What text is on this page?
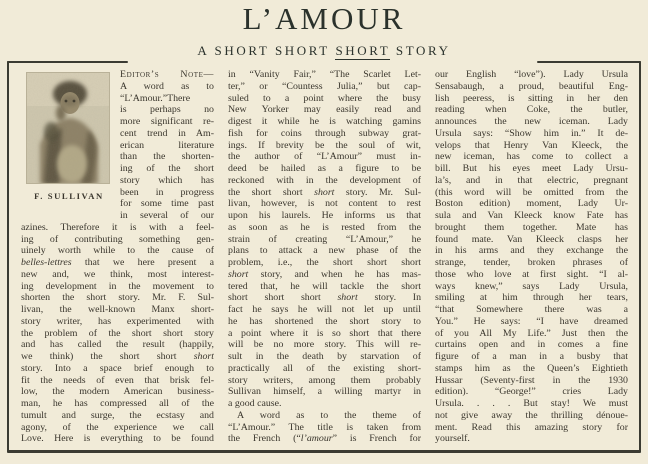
L’AMOUR
A SHORT SHORT SHORT STORY
F. SULLIVAN
Editor’s Note—
A word as to
“L’Amour.”There
is perhaps no
more significant re-
cent trend in Am-
erican literature
than the shorten-
ing of the short
story which has
been in progress
for some time past
in several of our
azines. Therefore it is with a feel-
ing of contributing something gen-
uinely worth while to the cause of
belles-lettres that we here present a
new and, we think, most interest-
ing development in the movement to
shorten the short story. Mr. F. Sul-
livan, the well-known Manx short-
story writer, has experimented with
the problem of the short short story
and has called the result (happily,
we think) the short short short
story. Into a space brief enough to
fit the needs of even that brisk fel-
low, the modern American business-
man, he has compressed all of the
tumult and surge, the ecstasy and
agony, of the experience we call
Love. Here is everything to be found
in “Vanity Fair,” “The Scarlet Let-
ter,” or “Countess Julia,” but cap-
suled to a point where the busy
New Yorker may easily read and
digest it while he is watching gamins
fish for coins through subway grat-
ings. If brevity be the soul of wit,
the author of “L’Amour” must in-
deed be hailed as a figure to be
reckoned with in the development of
the short short short story. Mr. Sul-
livan, however, is not content to rest
upon his laurels. He informs us that
as soon as he is rested from the
strain of creating “L’Amour,” he
plans to attack a new phase of the
problem, i.e., the short short short
short story, and when he has mas-
tered that, he will tackle the short
short short short short story. In
fact he says he will not let up until
he has shortened the short story to
a point where it is so short that there
will be no more story. This will re-
sult in the death by starvation of
practically all of the existing short-
story writers, among them probably
Sullivan himself, a willing martyr in
a good cause.
A word as to the theme of
“L’Amour.” The title is taken from
the French (“l’amour” is French for
our English “love”). Lady Ursula
Sensabaugh, a proud, beautiful Eng-
lish peeress, is sitting in her den
reading when Coke, the butler,
announces the new iceman. Lady
Ursula says: “Show him in.” It de-
velops that Henry Van Kleeck, the
new iceman, has come to collect a
bill. But his eyes meet Lady Ursu-
la’s, and in that electric, pregnant
(this word will be omitted from the
Boston edition) moment, Lady Ur-
sula and Van Kleeck know Fate has
brought them together. Mate has
found mate. Van Kleeck clasps her
in his arms and they exchange the
strange, tender, broken phrases of
those who love at first sight. “I al-
ways knew,” says Lady Ursula,
smiling at him through her tears,
“that Somewhere there was a
You.” He says: “I have dreamed
of you All My Life.” Just then the
curtains open and in comes a fine
figure of a man in a busby that
stamps him as the Queen’s Eightieth
Hussar (Seventy-first in the 1930
edition). “George!” cries Lady
Ursula. . . . But stay! We must
not give away the thrilling dénoue-
ment. Read this amazing story for
yourself.
